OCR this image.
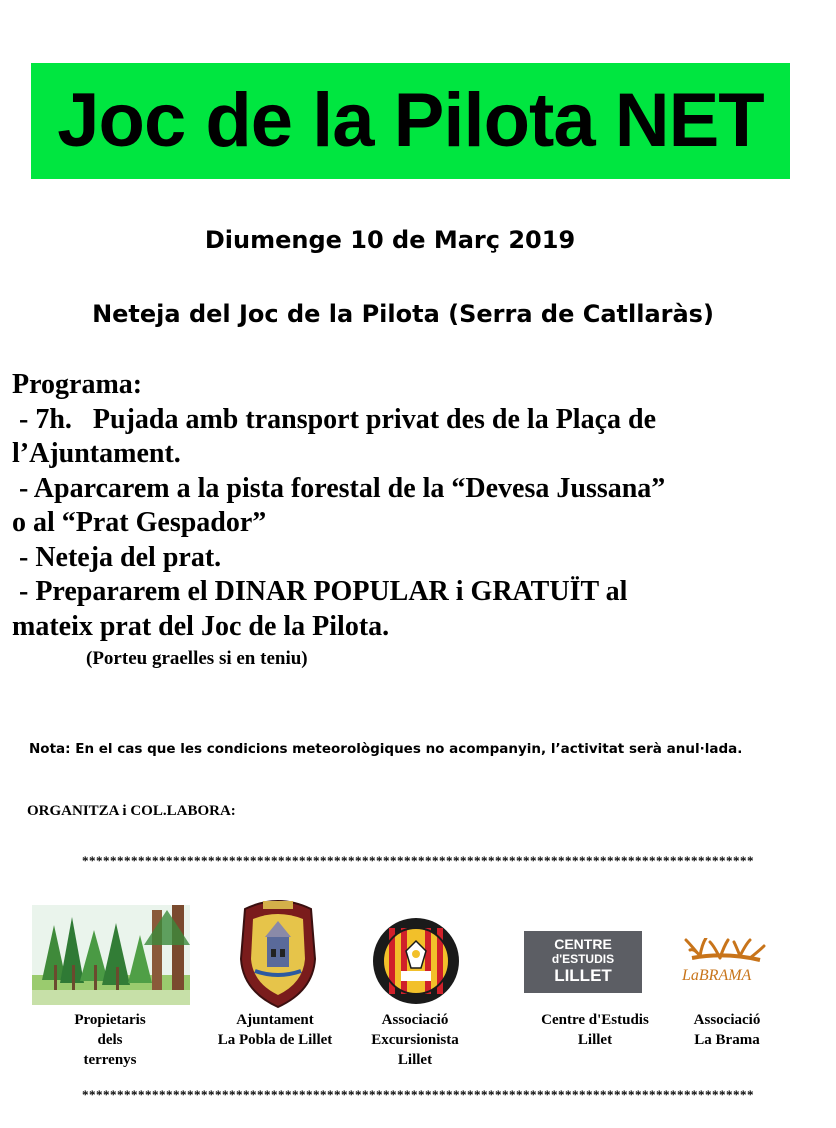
Joc de la Pilota NET
Diumenge 10 de Març 2019
Neteja del Joc de la Pilota (Serra de Catllaràs)
Programa:
- 7h.   Pujada amb transport privat des de la Plaça de
l’Ajuntament.
- Aparcarem a la pista forestal de la “Devesa Jussana”
o al “Prat Gespador”
- Neteja del prat.
- Prepararem el DINAR POPULAR i GRATUÏT al
mateix prat del Joc de la Pilota.
(Porteu graelles si en teniu)
Nota: En el cas que les condicions meteorològiques no acompanyin, l’activitat serà anul·lada.
ORGANITZA i COL.LABORA:
************************************************************************************************
CENTRE
d'ESTUDIS
LILLET	LaBRAMA
Propietaris
dels
terrenys
Ajuntament
La Pobla de Lillet
Associació
Excursionista
Lillet
Centre d'Estudis
Lillet
Associació
La Brama
************************************************************************************************
